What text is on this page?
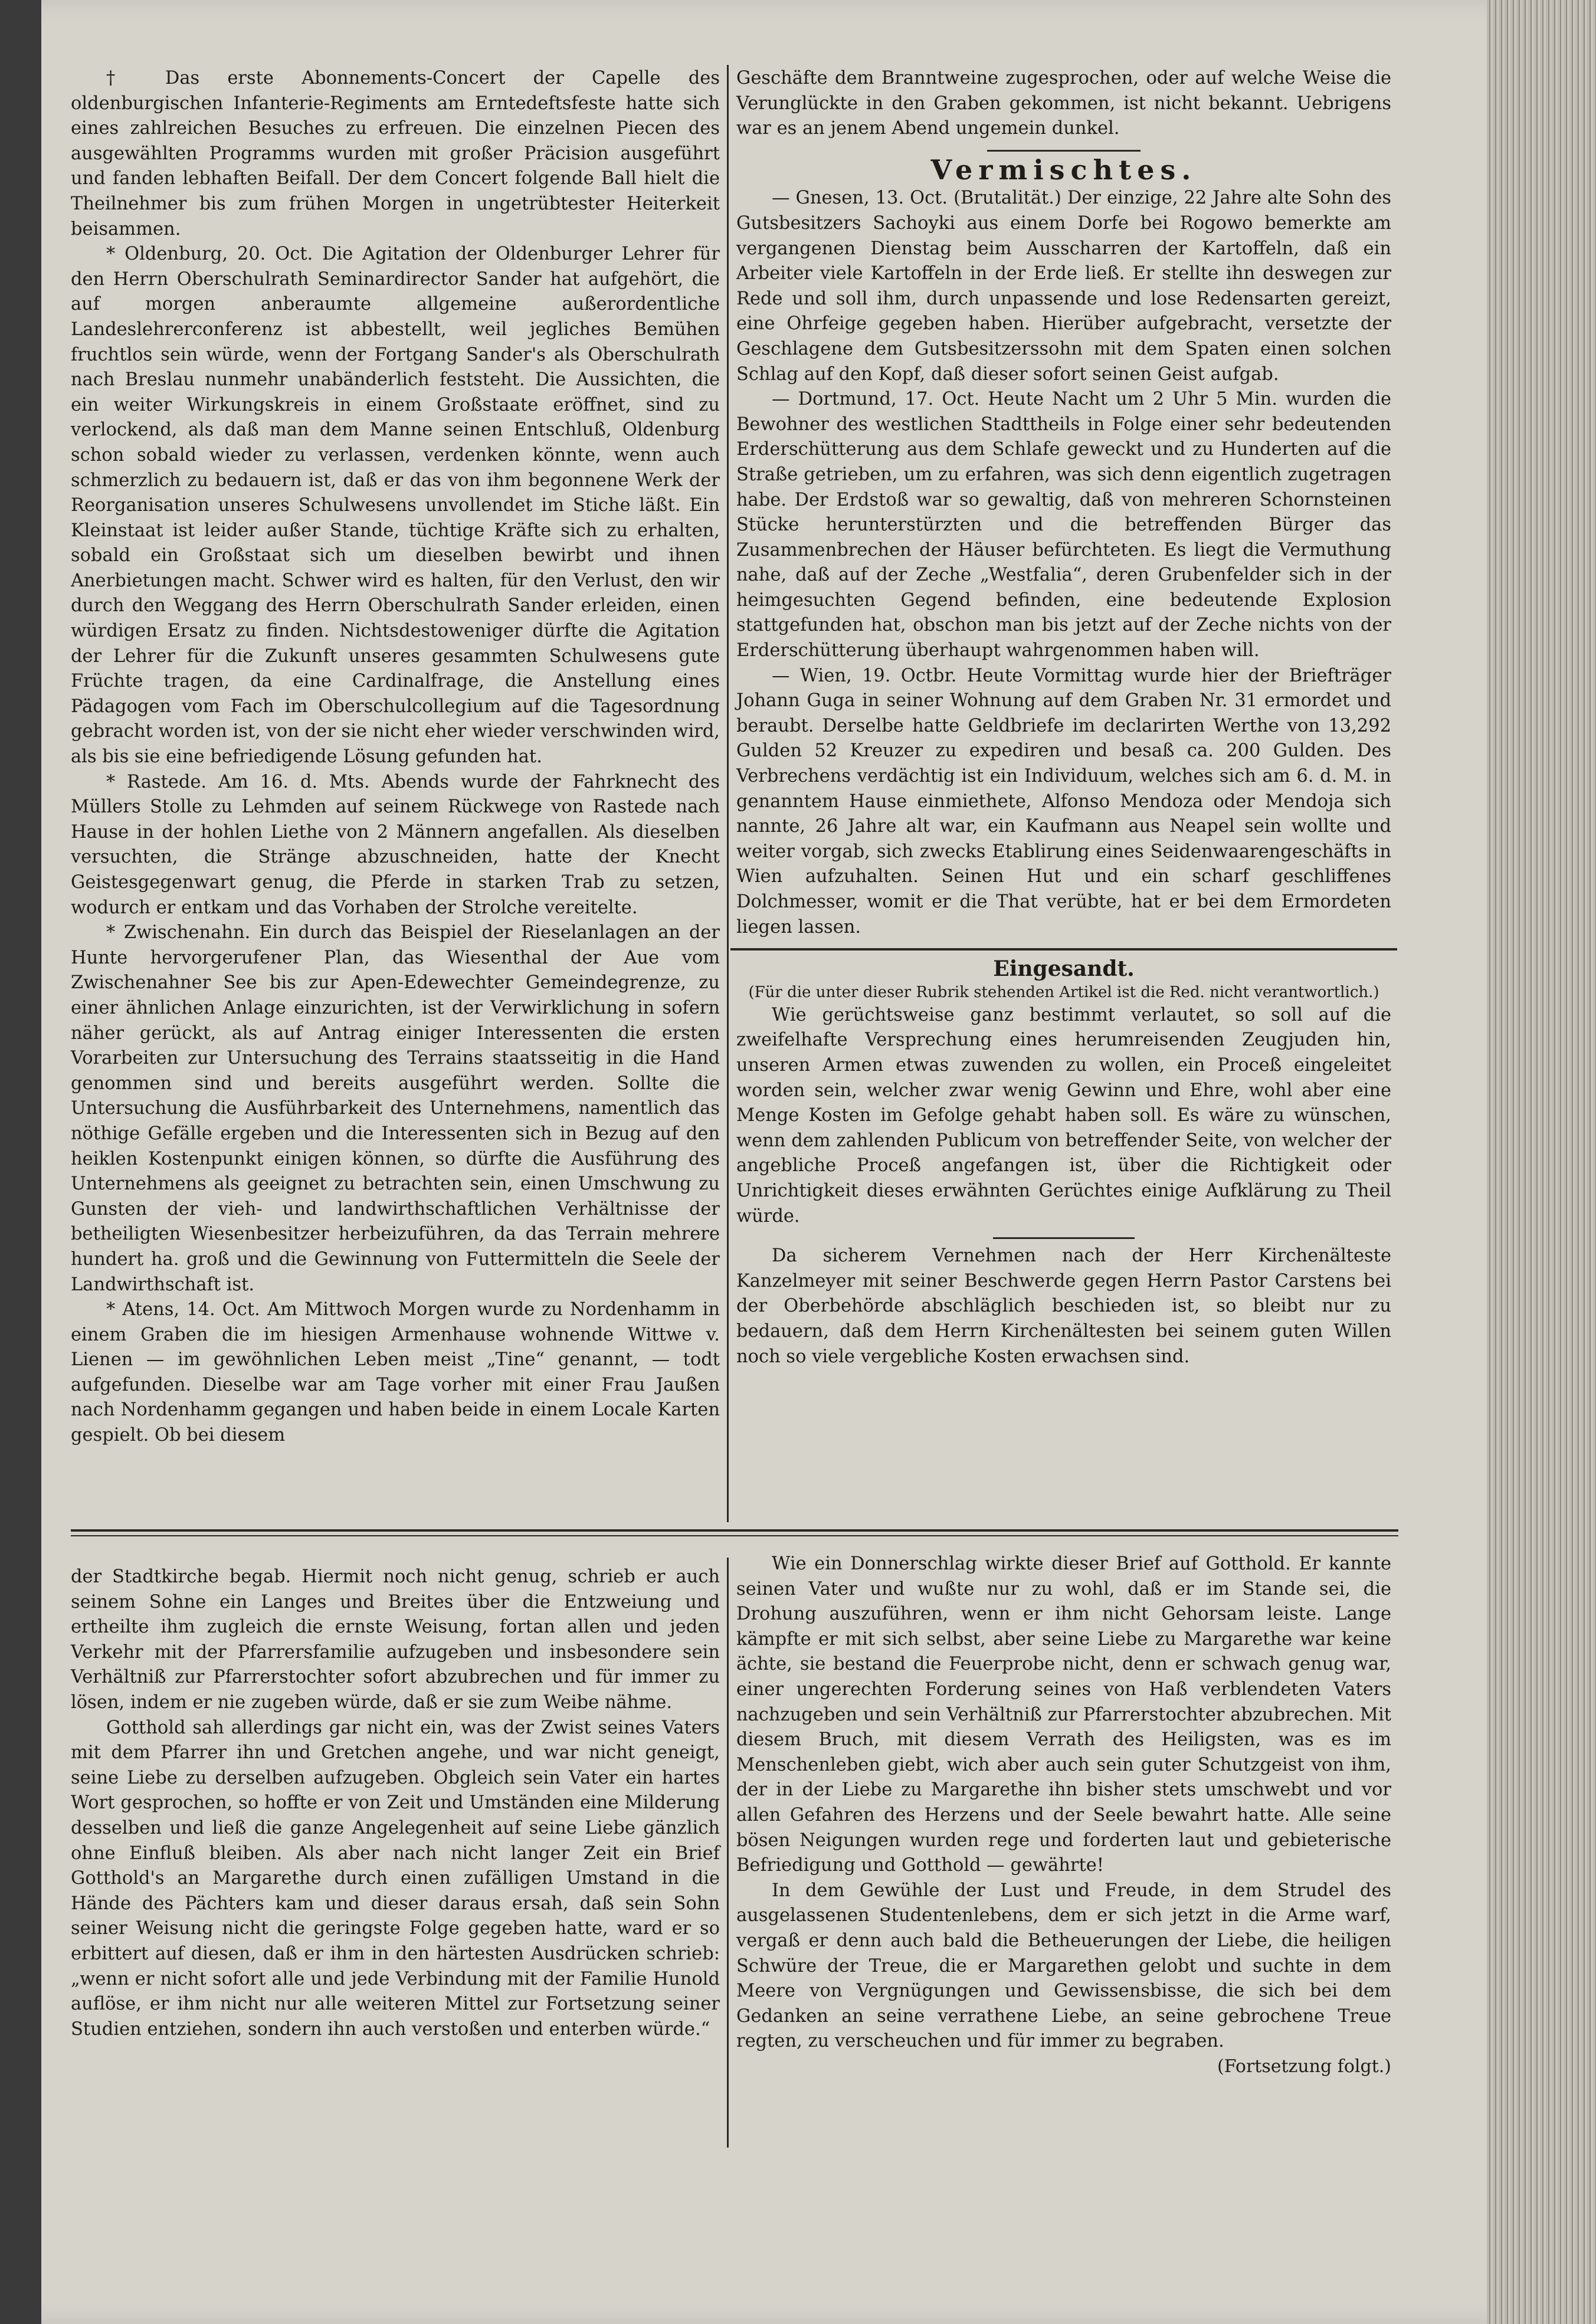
† Das erste Abonnements-Concert der Capelle des oldenburgischen Infanterie-Regiments am Erntedeftsfeste hatte sich eines zahlreichen Besuches zu erfreuen. Die einzelnen Piecen des ausgewählten Programms wurden mit großer Präcision ausgeführt und fanden lebhaften Beifall. Der dem Concert folgende Ball hielt die Theilnehmer bis zum frühen Morgen in ungetrübtester Heiterkeit beisammen.

* Oldenburg, 20. Oct. Die Agitation der Oldenburger Lehrer für den Herrn Oberschulrath Seminardirector Sander hat aufgehört, die auf morgen anberaumte allgemeine außerordentliche Landeslehrerconferenz ist abbestellt, weil jegliches Bemühen fruchtlos sein würde, wenn der Fortgang Sander's als Oberschulrath nach Breslau nunmehr unabänderlich feststeht. Die Aussichten, die ein weiter Wirkungskreis in einem Großstaate eröffnet, sind zu verlockend, als daß man dem Manne seinen Entschluß, Oldenburg schon sobald wieder zu verlassen, verdenken könnte, wenn auch schmerzlich zu bedauern ist, daß er das von ihm begonnene Werk der Reorganisation unseres Schulwesens unvollendet im Stiche läßt. Ein Kleinstaat ist leider außer Stande, tüchtige Kräfte sich zu erhalten, sobald ein Großstaat sich um dieselben bewirbt und ihnen Anerbietungen macht. Schwer wird es halten, für den Verlust, den wir durch den Weggang des Herrn Oberschulrath Sander erleiden, einen würdigen Ersatz zu finden. Nichtsdestoweniger dürfte die Agitation der Lehrer für die Zukunft unseres gesammten Schulwesens gute Früchte tragen, da eine Cardinalfrage, die Anstellung eines Pädagogen vom Fach im Oberschulcollegium auf die Tagesordnung gebracht worden ist, von der sie nicht eher wieder verschwinden wird, als bis sie eine befriedigende Lösung gefunden hat.

* Rastede. Am 16. d. Mts. Abends wurde der Fahrknecht des Müllers Stolle zu Lehmden auf seinem Rückwege von Rastede nach Hause in der hohlen Liethe von 2 Männern angefallen. Als dieselben versuchten, die Stränge abzuschneiden, hatte der Knecht Geistesgegenwart genug, die Pferde in starken Trab zu setzen, wodurch er entkam und das Vorhaben der Strolche vereitelte.

* Zwischenahn. Ein durch das Beispiel der Rieselanlagen an der Hunte hervorgerufener Plan, das Wiesenthal der Aue vom Zwischenahner See bis zur Apen-Edewechter Gemeindegrenze, zu einer ähnlichen Anlage einzurichten, ist der Verwirklichung in sofern näher gerückt, als auf Antrag einiger Interessenten die ersten Vorarbeiten zur Untersuchung des Terrains staatsseitig in die Hand genommen sind und bereits ausgeführt werden. Sollte die Untersuchung die Ausführbarkeit des Unternehmens, namentlich das nöthige Gefälle ergeben und die Interessenten sich in Bezug auf den heiklen Kostenpunkt einigen können, so dürfte die Ausführung des Unternehmens als geeignet zu betrachten sein, einen Umschwung zu Gunsten der vieh- und landwirthschaftlichen Verhältnisse der betheiligten Wiesenbesitzer herbeizuführen, da das Terrain mehrere hundert ha. groß und die Gewinnung von Futtermitteln die Seele der Landwirthschaft ist.

* Atens, 14. Oct. Am Mittwoch Morgen wurde zu Nordenhamm in einem Graben die im hiesigen Armenhause wohnende Wittwe v. Lienen — im gewöhnlichen Leben meist „Tine“ genannt, — todt aufgefunden. Dieselbe war am Tage vorher mit einer Frau Jaußen nach Nordenhamm gegangen und haben beide in einem Locale Karten gespielt. Ob bei diesem

Geschäfte dem Branntweine zugesprochen, oder auf welche Weise die Verunglückte in den Graben gekommen, ist nicht bekannt. Uebrigens war es an jenem Abend ungemein dunkel.

Vermischtes.

— Gnesen, 13. Oct. (Brutalität.) Der einzige, 22 Jahre alte Sohn des Gutsbesitzers Sachoyki aus einem Dorfe bei Rogowo bemerkte am vergangenen Dienstag beim Ausscharren der Kartoffeln, daß ein Arbeiter viele Kartoffeln in der Erde ließ. Er stellte ihn deswegen zur Rede und soll ihm, durch unpassende und lose Redensarten gereizt, eine Ohrfeige gegeben haben. Hierüber aufgebracht, versetzte der Geschlagene dem Gutsbesitzerssohn mit dem Spaten einen solchen Schlag auf den Kopf, daß dieser sofort seinen Geist aufgab.

— Dortmund, 17. Oct. Heute Nacht um 2 Uhr 5 Min. wurden die Bewohner des westlichen Stadttheils in Folge einer sehr bedeutenden Erderschütterung aus dem Schlafe geweckt und zu Hunderten auf die Straße getrieben, um zu erfahren, was sich denn eigentlich zugetragen habe. Der Erdstoß war so gewaltig, daß von mehreren Schornsteinen Stücke herunterstürzten und die betreffenden Bürger das Zusammenbrechen der Häuser befürchteten. Es liegt die Vermuthung nahe, daß auf der Zeche „Westfalia“, deren Grubenfelder sich in der heimgesuchten Gegend befinden, eine bedeutende Explosion stattgefunden hat, obschon man bis jetzt auf der Zeche nichts von der Erderschütterung überhaupt wahrgenommen haben will.

— Wien, 19. Octbr. Heute Vormittag wurde hier der Briefträger Johann Guga in seiner Wohnung auf dem Graben Nr. 31 ermordet und beraubt. Derselbe hatte Geldbriefe im declarirten Werthe von 13,292 Gulden 52 Kreuzer zu expediren und besaß ca. 200 Gulden. Des Verbrechens verdächtig ist ein Individuum, welches sich am 6. d. M. in genanntem Hause einmiethete, Alfonso Mendoza oder Mendoja sich nannte, 26 Jahre alt war, ein Kaufmann aus Neapel sein wollte und weiter vorgab, sich zwecks Etablirung eines Seidenwaarengeschäfts in Wien aufzuhalten. Seinen Hut und ein scharf geschliffenes Dolchmesser, womit er die That verübte, hat er bei dem Ermordeten liegen lassen.

Eingesandt.
(Für die unter dieser Rubrik stehenden Artikel ist die Red. nicht verantwortlich.)

Wie gerüchtsweise ganz bestimmt verlautet, so soll auf die zweifelhafte Versprechung eines herumreisenden Zeugjuden hin, unseren Armen etwas zuwenden zu wollen, ein Proceß eingeleitet worden sein, welcher zwar wenig Gewinn und Ehre, wohl aber eine Menge Kosten im Gefolge gehabt haben soll. Es wäre zu wünschen, wenn dem zahlenden Publicum von betreffender Seite, von welcher der angebliche Proceß angefangen ist, über die Richtigkeit oder Unrichtigkeit dieses erwähnten Gerüchtes einige Aufklärung zu Theil würde.

Da sicherem Vernehmen nach der Herr Kirchenälteste Kanzelmeyer mit seiner Beschwerde gegen Herrn Pastor Carstens bei der Oberbehörde abschläglich beschieden ist, so bleibt nur zu bedauern, daß dem Herrn Kirchenältesten bei seinem guten Willen noch so viele vergebliche Kosten erwachsen sind.

der Stadtkirche begab. Hiermit noch nicht genug, schrieb er auch seinem Sohne ein Langes und Breites über die Entzweiung und ertheilte ihm zugleich die ernste Weisung, fortan allen und jeden Verkehr mit der Pfarrersfamilie aufzugeben und insbesondere sein Verhältniß zur Pfarrerstochter sofort abzubrechen und für immer zu lösen, indem er nie zugeben würde, daß er sie zum Weibe nähme.

Gotthold sah allerdings gar nicht ein, was der Zwist seines Vaters mit dem Pfarrer ihn und Gretchen angehe, und war nicht geneigt, seine Liebe zu derselben aufzugeben. Obgleich sein Vater ein hartes Wort gesprochen, so hoffte er von Zeit und Umständen eine Milderung desselben und ließ die ganze Angelegenheit auf seine Liebe gänzlich ohne Einfluß bleiben. Als aber nach nicht langer Zeit ein Brief Gotthold's an Margarethe durch einen zufälligen Umstand in die Hände des Pächters kam und dieser daraus ersah, daß sein Sohn seiner Weisung nicht die geringste Folge gegeben hatte, ward er so erbittert auf diesen, daß er ihm in den härtesten Ausdrücken schrieb: „wenn er nicht sofort alle und jede Verbindung mit der Familie Hunold auflöse, er ihm nicht nur alle weiteren Mittel zur Fortsetzung seiner Studien entziehen, sondern ihn auch verstoßen und enterben würde.“

Wie ein Donnerschlag wirkte dieser Brief auf Gotthold. Er kannte seinen Vater und wußte nur zu wohl, daß er im Stande sei, die Drohung auszuführen, wenn er ihm nicht Gehorsam leiste. Lange kämpfte er mit sich selbst, aber seine Liebe zu Margarethe war keine ächte, sie bestand die Feuerprobe nicht, denn er schwach genug war, einer ungerechten Forderung seines von Haß verblendeten Vaters nachzugeben und sein Verhältniß zur Pfarrerstochter abzubrechen. Mit diesem Bruch, mit diesem Verrath des Heiligsten, was es im Menschenleben giebt, wich aber auch sein guter Schutzgeist von ihm, der in der Liebe zu Margarethe ihn bisher stets umschwebt und vor allen Gefahren des Herzens und der Seele bewahrt hatte. Alle seine bösen Neigungen wurden rege und forderten laut und gebieterische Befriedigung und Gotthold — gewährte!

In dem Gewühle der Lust und Freude, in dem Strudel des ausgelassenen Studentenlebens, dem er sich jetzt in die Arme warf, vergaß er denn auch bald die Betheuerungen der Liebe, die heiligen Schwüre der Treue, die er Margarethen gelobt und suchte in dem Meere von Vergnügungen und Gewissensbisse, die sich bei dem Gedanken an seine verrathene Liebe, an seine gebrochene Treue regten, zu verscheuchen und für immer zu begraben.

(Fortsetzung folgt.)
